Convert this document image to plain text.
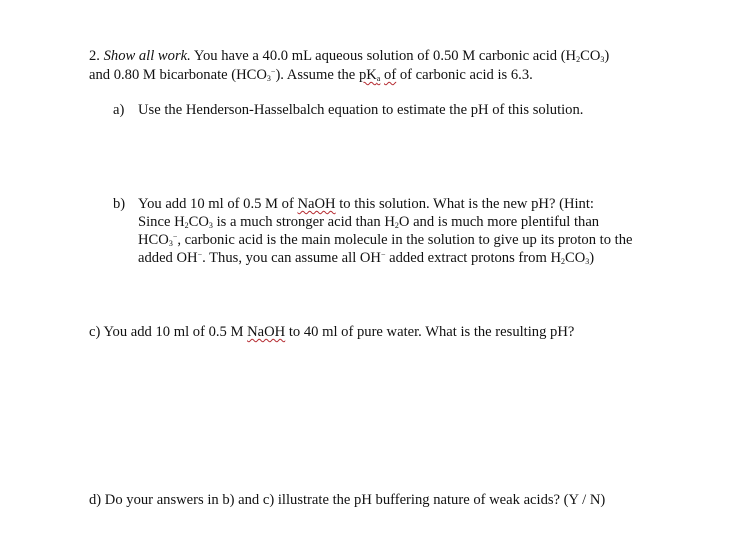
2. Show all work. You have a 40.0 mL aqueous solution of 0.50 M carbonic acid $(H_2CO_3)$
and 0.80 M bicarbonate $(HCO_3^-)$. Assume the $pK_a$ of of carbonic acid is 6.3.
a) Use the Henderson-Hasselbalch equation to estimate the pH of this solution.
b) You add 10 ml of 0.5 M of NaOH to this solution. What is the new pH? (Hint:
Since $H_2CO_3$ is a much stronger acid than $H_2O$ and is much more plentiful than
$HCO_3^-$, carbonic acid is the main molecule in the solution to give up its proton to the
added OH−. Thus, you can assume all OH− added extract protons from $H_2CO_3$)
c) You add 10 ml of 0.5 M NaOH to 40 ml of pure water. What is the resulting pH?
d) Do your answers in b) and c) illustrate the pH buffering nature of weak acids? (Y / N)
